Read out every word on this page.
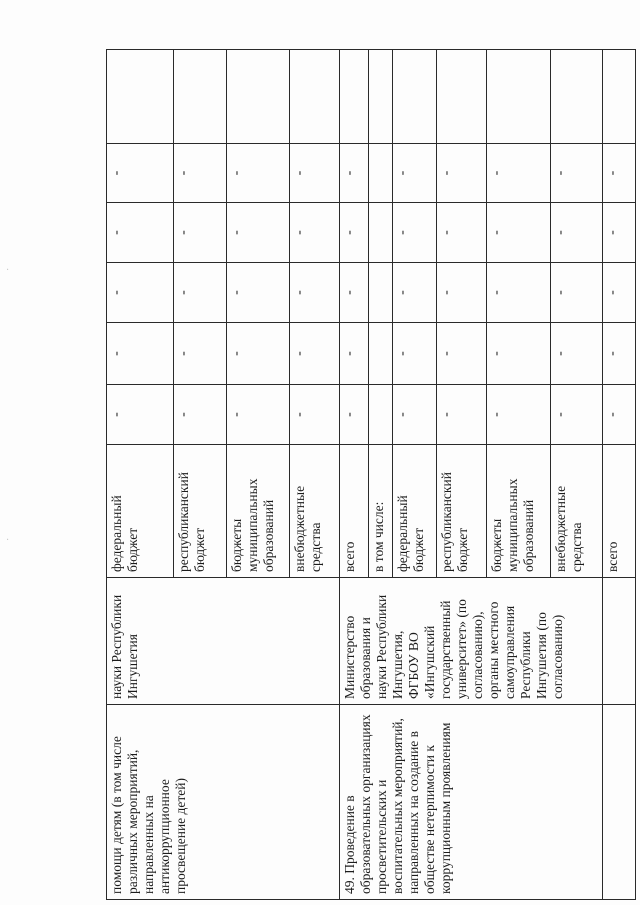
помощи детям (в том числе различных мероприятий, направленных на антикоррупционное просвещение детей)	науки Республики Ингушетия	федеральный бюджет	-	-	-	-	-	
		республиканский бюджет	-	-	-	-	-	
		бюджеты муниципальных образований	-	-	-	-	-	
		внебюджетные средства	-	-	-	-	-	
49. Проведение в образовательных организациях просветительских и воспитательных мероприятий, направленных на создание в обществе нетерпимости к коррупционным проявлениям	Министерство образования и науки Республики Ингушетия, ФГБОУ ВО «Ингушский государственный университет» (по согласованию), органы местного самоуправления Республики Ингушетия (по согласованию)	всего	-	-	-	-	-	
		в том числе:						
		федеральный бюджет	-	-	-	-	-	
		республиканский бюджет	-	-	-	-	-	
		бюджеты муниципальных образований	-	-	-	-	-	
		внебюджетные средства	-	-	-	-	-	
		всего	-	-	-	-	-	
·
·
